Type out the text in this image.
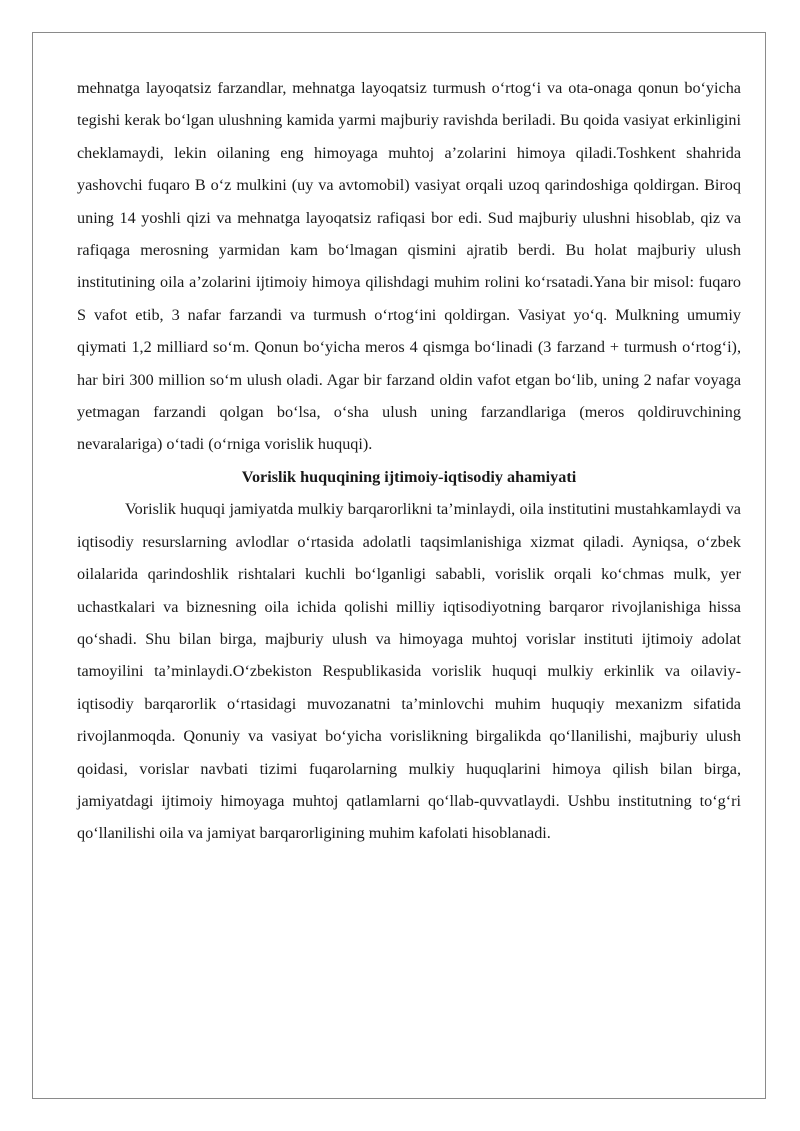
mehnatga layoqatsiz farzandlar, mehnatga layoqatsiz turmush o‘rtog‘i va ota-onaga qonun bo‘yicha tegishi kerak bo‘lgan ulushning kamida yarmi majburiy ravishda beriladi. Bu qoida vasiyat erkinligini cheklamaydi, lekin oilaning eng himoyaga muhtoj a’zolarini himoya qiladi.Toshkent shahrida yashovchi fuqaro B o‘z mulkini (uy va avtomobil) vasiyat orqali uzoq qarindoshiga qoldirgan. Biroq uning 14 yoshli qizi va mehnatga layoqatsiz rafiqasi bor edi. Sud majburiy ulushni hisoblab, qiz va rafiqaga merosning yarmidan kam bo‘lmagan qismini ajratib berdi. Bu holat majburiy ulush institutining oila a’zolarini ijtimoiy himoya qilishdagi muhim rolini ko‘rsatadi.Yana bir misol: fuqaro S vafot etib, 3 nafar farzandi va turmush o‘rtog‘ini qoldirgan. Vasiyat yo‘q. Mulkning umumiy qiymati 1,2 milliard so‘m. Qonun bo‘yicha meros 4 qismga bo‘linadi (3 farzand + turmush o‘rtog‘i), har biri 300 million so‘m ulush oladi. Agar bir farzand oldin vafot etgan bo‘lib, uning 2 nafar voyaga yetmagan farzandi qolgan bo‘lsa, o‘sha ulush uning farzandlariga (meros qoldiruvchining nevaralariga) o‘tadi (o‘rniga vorislik huquqi).

Vorislik huquqining ijtimoiy-iqtisodiy ahamiyati

Vorislik huquqi jamiyatda mulkiy barqarorlikni ta’minlaydi, oila institutini mustahkamlaydi va iqtisodiy resurslarning avlodlar o‘rtasida adolatli taqsimlanishiga xizmat qiladi. Ayniqsa, o‘zbek oilalarida qarindoshlik rishtalari kuchli bo‘lganligi sababli, vorislik orqali ko‘chmas mulk, yer uchastkalari va biznesning oila ichida qolishi milliy iqtisodiyotning barqaror rivojlanishiga hissa qo‘shadi. Shu bilan birga, majburiy ulush va himoyaga muhtoj vorislar instituti ijtimoiy adolat tamoyilini ta’minlaydi.O‘zbekiston Respublikasida vorislik huquqi mulkiy erkinlik va oilaviy-iqtisodiy barqarorlik o‘rtasidagi muvozanatni ta’minlovchi muhim huquqiy mexanizm sifatida rivojlanmoqda. Qonuniy va vasiyat bo‘yicha vorislikning birgalikda qo‘llanilishi, majburiy ulush qoidasi, vorislar navbati tizimi fuqarolarning mulkiy huquqlarini himoya qilish bilan birga, jamiyatdagi ijtimoiy himoyaga muhtoj qatlamlarni qo‘llab-quvvatlaydi. Ushbu institutning to‘g‘ri qo‘llanilishi oila va jamiyat barqarorligining muhim kafolati hisoblanadi.
